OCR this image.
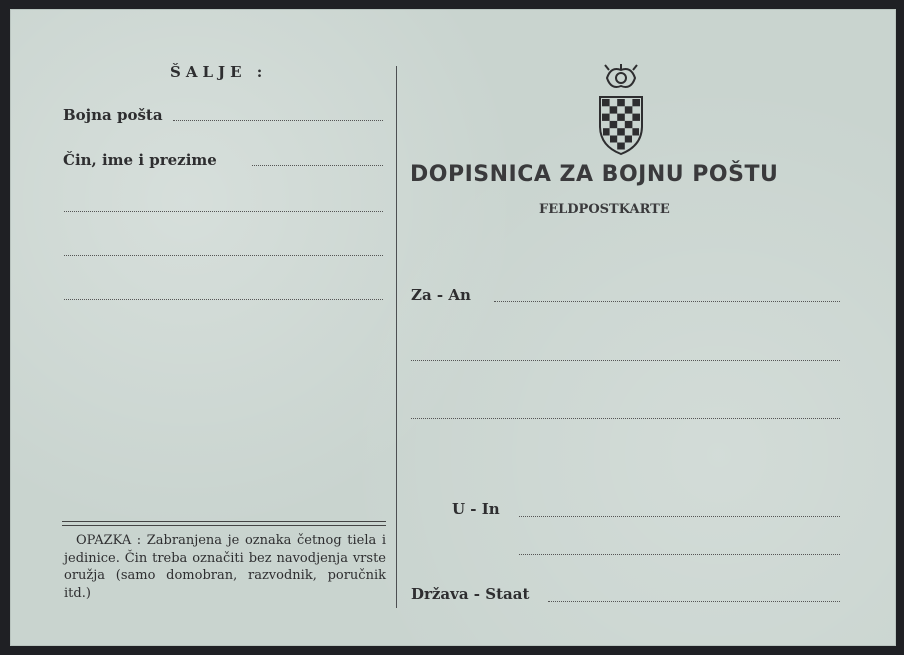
ŠALJE :
Bojna pošta
Čin, ime i prezime
OPAZKA : Zabranjena je oznaka četnog tiela i jedinice. Čin treba označiti bez navodjenja vrste oružja (samo domobran, razvodnik, poručnik itd.)
DOPISNICA ZA BOJNU POŠTU
FELDPOSTKARTE
Za - An
U - In
Država - Staat
